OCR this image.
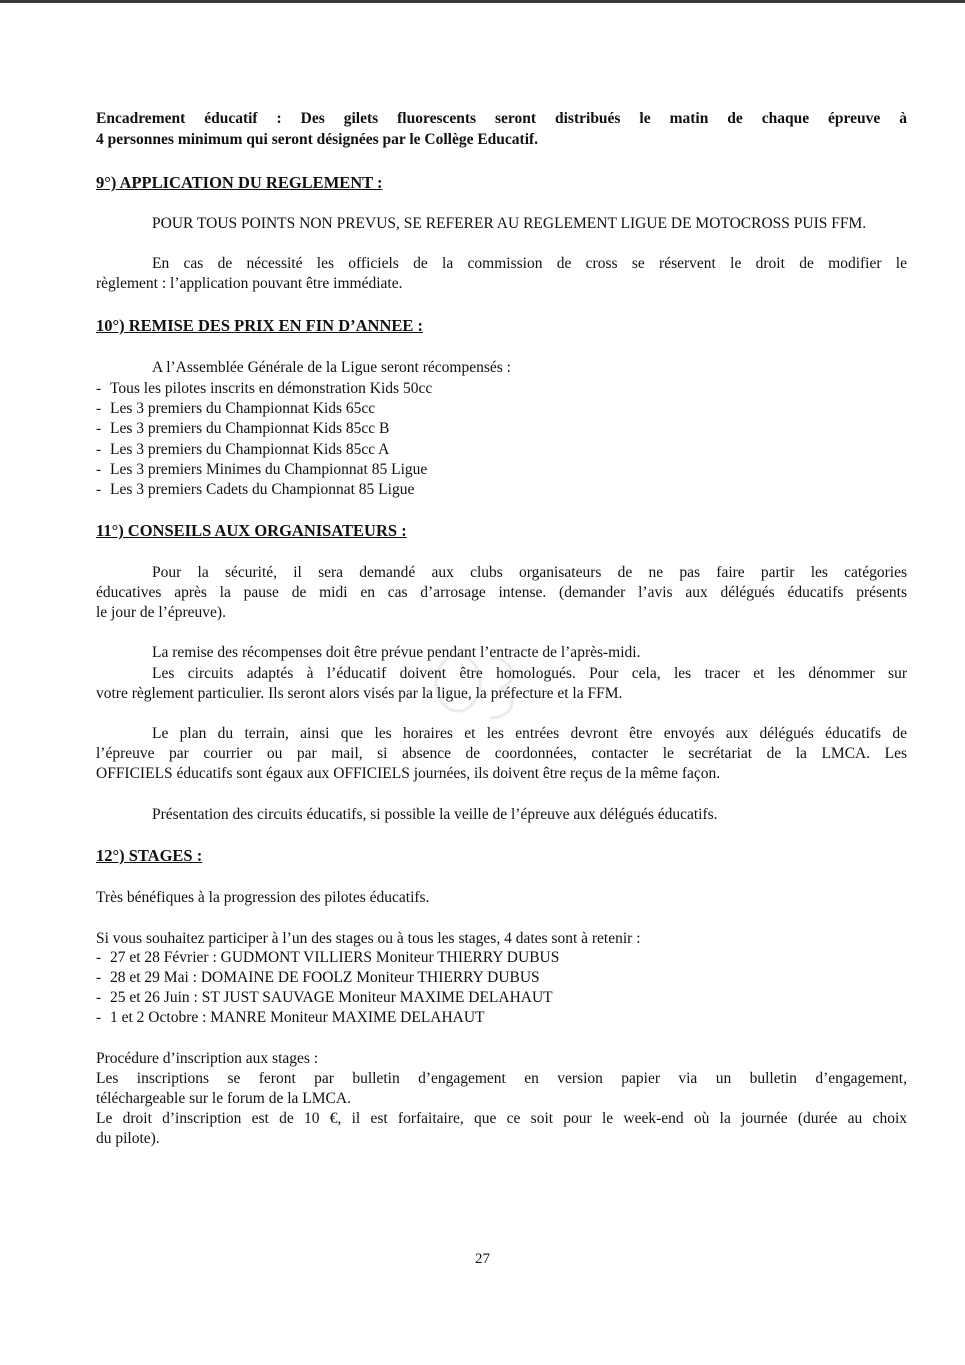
Encadrement éducatif : Des gilets fluorescents seront distribués le matin de chaque épreuve à
4 personnes minimum qui seront désignées par le Collège Educatif.
9°) APPLICATION DU REGLEMENT :
POUR TOUS POINTS NON PREVUS, SE REFERER AU REGLEMENT LIGUE DE MOTOCROSS PUIS FFM.
En cas de nécessité les officiels de la commission de cross se réservent le droit de modifier le
règlement : l’application pouvant être immédiate.
10°) REMISE DES PRIX EN FIN D’ANNEE :
A l’Assemblée Générale de la Ligue seront récompensés :
- Tous les pilotes inscrits en démonstration Kids 50cc
- Les 3 premiers du Championnat Kids 65cc
- Les 3 premiers du Championnat Kids 85cc B
- Les 3 premiers du Championnat Kids 85cc A
- Les 3 premiers Minimes du Championnat 85 Ligue
- Les 3 premiers Cadets du Championnat 85 Ligue
11°) CONSEILS AUX ORGANISATEURS :
Pour la sécurité, il sera demandé aux clubs organisateurs de ne pas faire partir les catégories
éducatives après la pause de midi en cas d’arrosage intense. (demander l’avis aux délégués éducatifs présents
le jour de l’épreuve).
La remise des récompenses doit être prévue pendant l’entracte de l’après-midi.
Les circuits adaptés à l’éducatif doivent être homologués. Pour cela, les tracer et les dénommer sur
votre règlement particulier. Ils seront alors visés par la ligue, la préfecture et la FFM.
Le plan du terrain, ainsi que les horaires et les entrées devront être envoyés aux délégués éducatifs de
l’épreuve par courrier ou par mail, si absence de coordonnées, contacter le secrétariat de la LMCA. Les
OFFICIELS éducatifs sont égaux aux OFFICIELS journées, ils doivent être reçus de la même façon.
Présentation des circuits éducatifs, si possible la veille de l’épreuve aux délégués éducatifs.
12°) STAGES :
Très bénéfiques à la progression des pilotes éducatifs.
Si vous souhaitez participer à l’un des stages ou à tous les stages, 4 dates sont à retenir :
- 27 et 28 Février : GUDMONT VILLIERS Moniteur THIERRY DUBUS
- 28 et 29 Mai : DOMAINE DE FOOLZ Moniteur THIERRY DUBUS
- 25 et 26 Juin : ST JUST SAUVAGE Moniteur MAXIME DELAHAUT
- 1 et 2 Octobre : MANRE Moniteur MAXIME DELAHAUT
Procédure d’inscription aux stages :
Les inscriptions se feront par bulletin d’engagement en version papier via un bulletin d’engagement,
téléchargeable sur le forum de la LMCA.
Le droit d’inscription est de 10 €, il est forfaitaire, que ce soit pour le week-end où la journée (durée au choix
du pilote).
27
